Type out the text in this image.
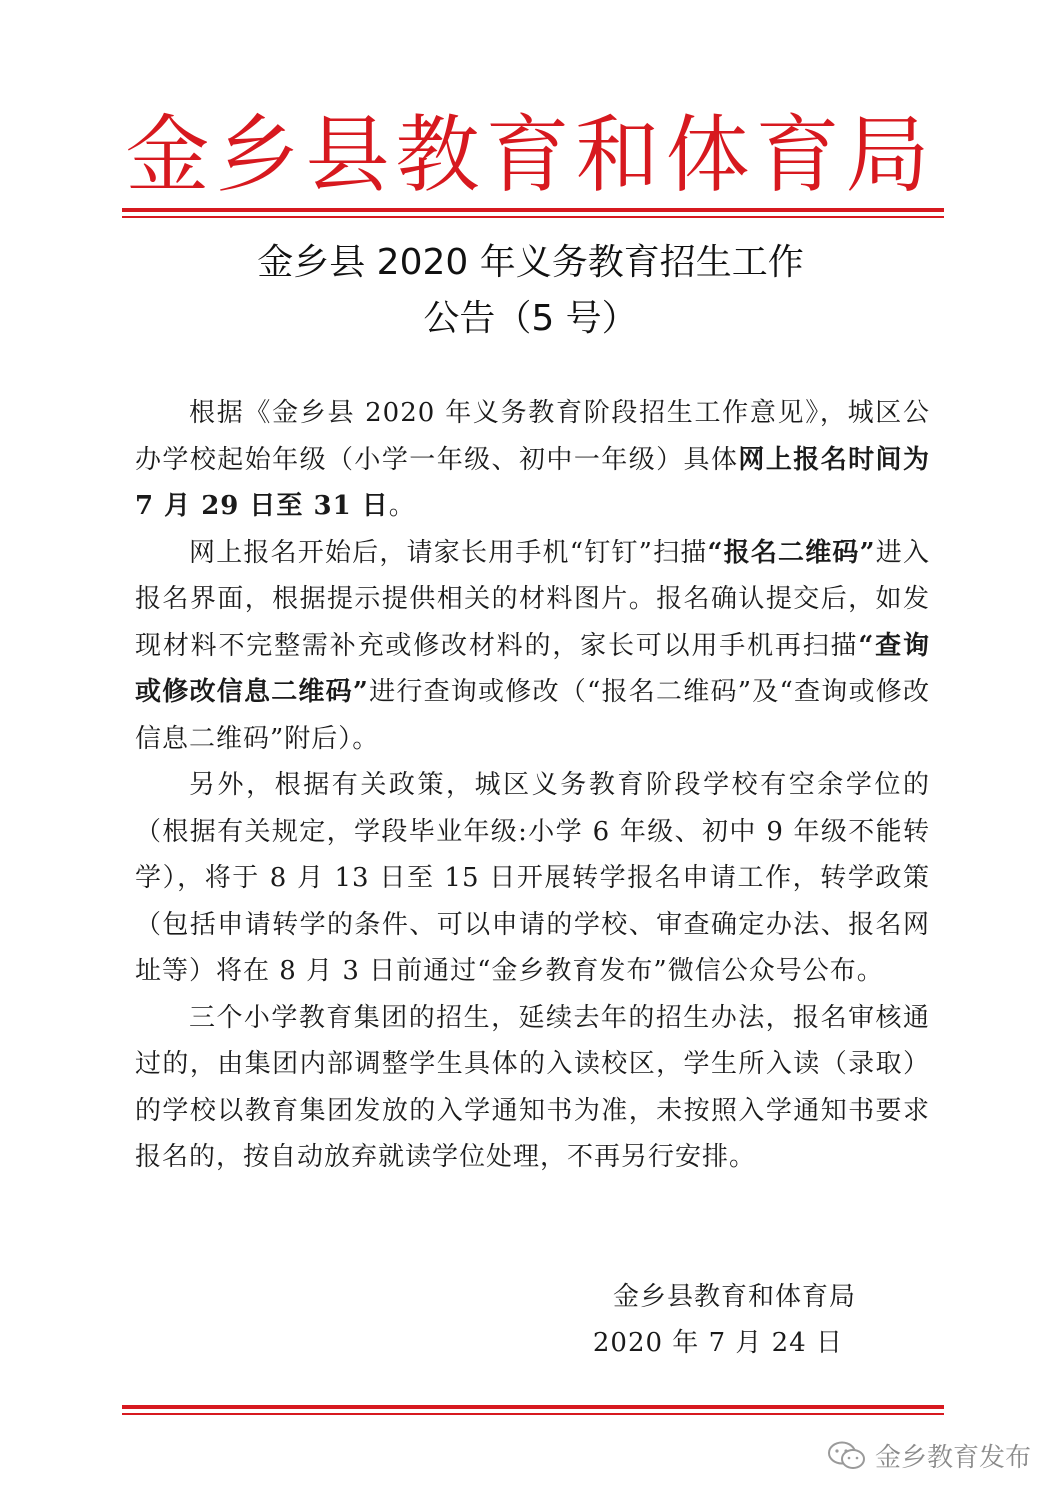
金乡县教育和体育局
金乡县 2020 年义务教育招生工作
公告（5 号）

根据《金乡县 2020 年义务教育阶段招生工作意见》，城区公办学校起始年级（小学一年级、初中一年级）具体网上报名时间为 7 月 29 日至 31 日。

网上报名开始后，请家长用手机“钉钉”扫描“报名二维码”进入报名界面，根据提示提供相关的材料图片。报名确认提交后，如发现材料不完整需补充或修改材料的，家长可以用手机再扫描“查询或修改信息二维码”进行查询或修改（“报名二维码”及“查询或修改信息二维码”附后）。

另外，根据有关政策，城区义务教育阶段学校有空余学位的（根据有关规定，学段毕业年级:小学 6 年级、初中 9 年级不能转学），将于 8 月 13 日至 15 日开展转学报名申请工作，转学政策（包括申请转学的条件、可以申请的学校、审查确定办法、报名网址等）将在 8 月 3 日前通过“金乡教育发布”微信公众号公布。

三个小学教育集团的招生，延续去年的招生办法，报名审核通过的，由集团内部调整学生具体的入读校区，学生所入读（录取）的学校以教育集团发放的入学通知书为准，未按照入学通知书要求报名的，按自动放弃就读学位处理，不再另行安排。

金乡县教育和体育局
2020 年 7 月 24 日
金乡教育发布
